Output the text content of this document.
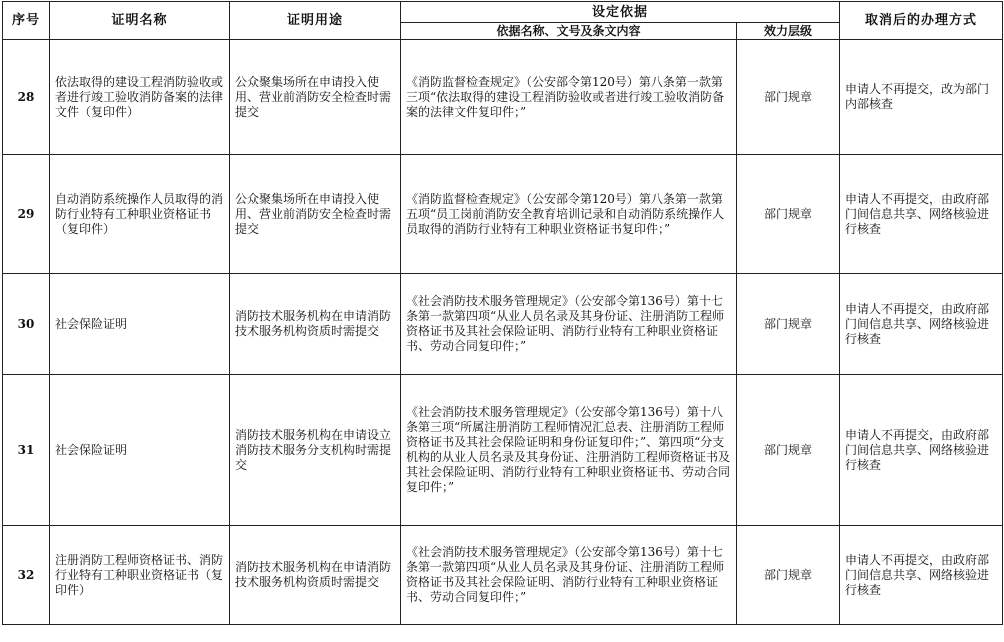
序号	证明名称	证明用途	设定依据		取消后的办理方式
			依据名称、文号及条文内容	效力层级	
28	依法取得的建设工程消防验收或者进行竣工验收消防备案的法律文件（复印件）	公众聚集场所在申请投入使用、营业前消防安全检查时需提交	《消防监督检查规定》（公安部令第120号）第八条第一款第三项“依法取得的建设工程消防验收或者进行竣工验收消防备案的法律文件复印件；”	部门规章	申请人不再提交，改为部门内部核查
29	自动消防系统操作人员取得的消防行业特有工种职业资格证书（复印件）	公众聚集场所在申请投入使用、营业前消防安全检查时需提交	《消防监督检查规定》（公安部令第120号）第八条第一款第五项“员工岗前消防安全教育培训记录和自动消防系统操作人员取得的消防行业特有工种职业资格证书复印件；”	部门规章	申请人不再提交，由政府部门间信息共享、网络核验进行核查
30	社会保险证明	消防技术服务机构在申请消防技术服务机构资质时需提交	《社会消防技术服务管理规定》（公安部令第136号）第十七条第一款第四项“从业人员名录及其身份证、注册消防工程师资格证书及其社会保险证明、消防行业特有工种职业资格证书、劳动合同复印件；”	部门规章	申请人不再提交，由政府部门间信息共享、网络核验进行核查
31	社会保险证明	消防技术服务机构在申请设立消防技术服务分支机构时需提交	《社会消防技术服务管理规定》（公安部令第136号）第十八条第三项“所属注册消防工程师情况汇总表、注册消防工程师资格证书及其社会保险证明和身份证复印件；”、第四项“分支机构的从业人员名录及其身份证、注册消防工程师资格证书及其社会保险证明、消防行业特有工种职业资格证书、劳动合同复印件；”	部门规章	申请人不再提交，由政府部门间信息共享、网络核验进行核查
32	注册消防工程师资格证书、消防行业特有工种职业资格证书（复印件）	消防技术服务机构在申请消防技术服务机构资质时需提交	《社会消防技术服务管理规定》（公安部令第136号）第十七条第一款第四项“从业人员名录及其身份证、注册消防工程师资格证书及其社会保险证明、消防行业特有工种职业资格证书、劳动合同复印件；”	部门规章	申请人不再提交，由政府部门间信息共享、网络核验进行核查
